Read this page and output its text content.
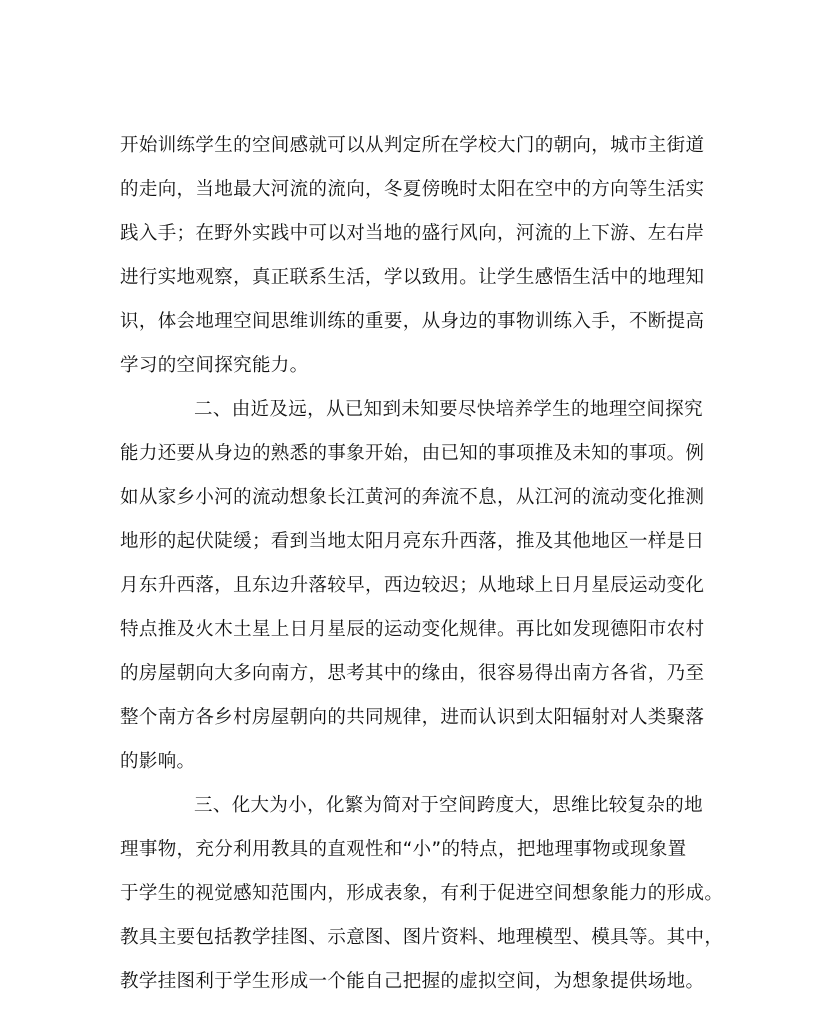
开始训练学生的空间感就可以从判定所在学校大门的朝向，城市主街道
的走向，当地最大河流的流向，冬夏傍晚时太阳在空中的方向等生活实
践入手；在野外实践中可以对当地的盛行风向，河流的上下游、左右岸
进行实地观察，真正联系生活，学以致用。让学生感悟生活中的地理知
识，体会地理空间思维训练的重要，从身边的事物训练入手，不断提高
学习的空间探究能力。
二、由近及远，从已知到未知要尽快培养学生的地理空间探究
能力还要从身边的熟悉的事象开始，由已知的事项推及未知的事项。例
如从家乡小河的流动想象长江黄河的奔流不息，从江河的流动变化推测
地形的起伏陡缓；看到当地太阳月亮东升西落，推及其他地区一样是日
月东升西落，且东边升落较早，西边较迟；从地球上日月星辰运动变化
特点推及火木土星上日月星辰的运动变化规律。再比如发现德阳市农村
的房屋朝向大多向南方，思考其中的缘由，很容易得出南方各省，乃至
整个南方各乡村房屋朝向的共同规律，进而认识到太阳辐射对人类聚落
的影响。
三、化大为小，化繁为简对于空间跨度大，思维比较复杂的地
理事物，充分利用教具的直观性和“小”的特点，把地理事物或现象置
于学生的视觉感知范围内，形成表象，有利于促进空间想象能力的形成。
教具主要包括教学挂图、示意图、图片资料、地理模型、模具等。其中，
教学挂图利于学生形成一个能自己把握的虚拟空间，为想象提供场地。
